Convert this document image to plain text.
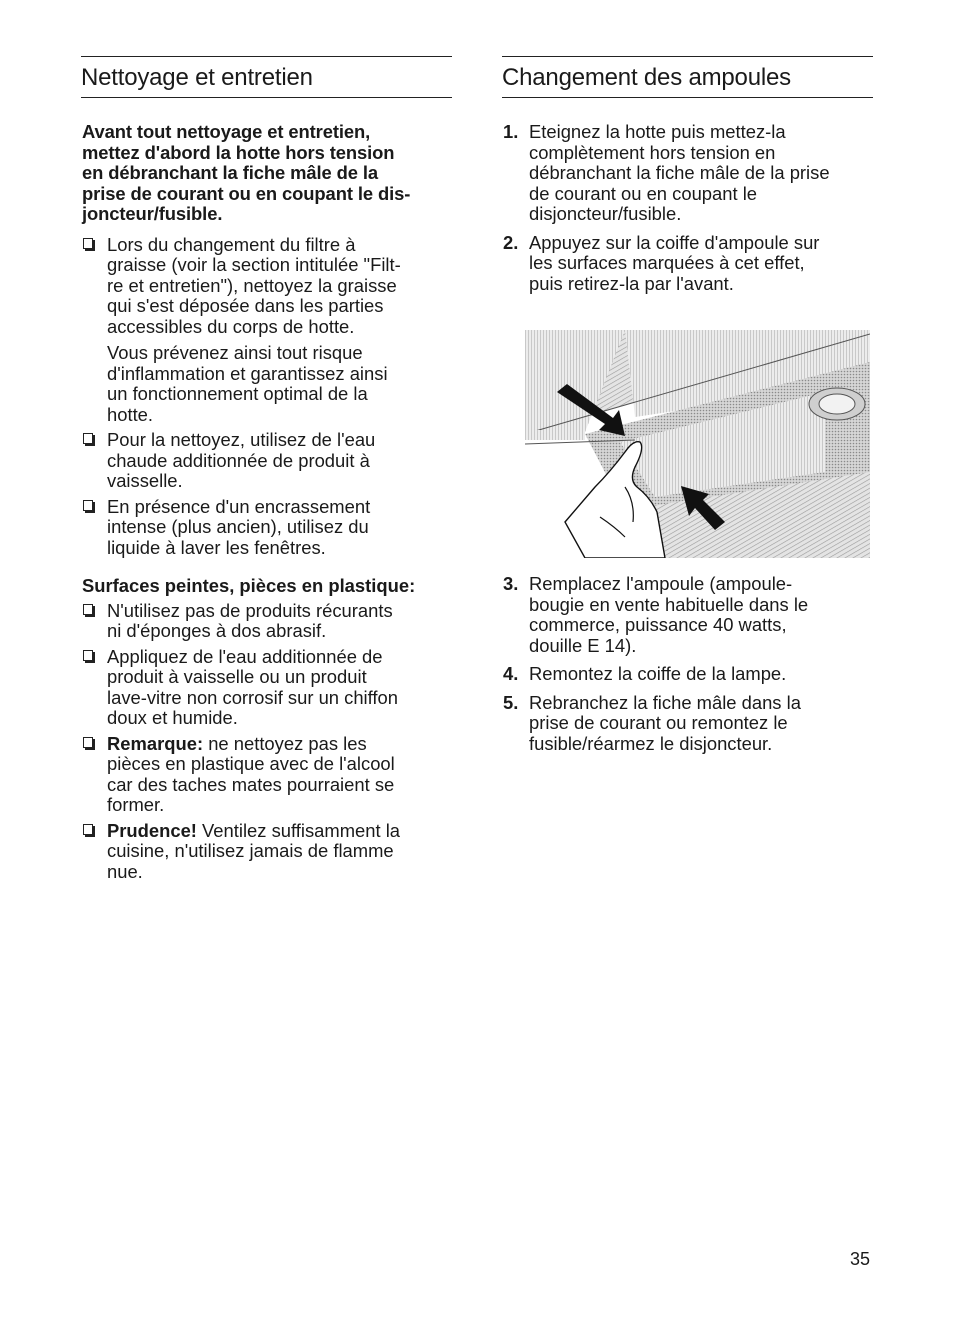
Nettoyage et entretien
Avant tout nettoyage et entretien,
mettez d'abord la hotte hors tension
en débranchant la fiche mâle de la
prise de courant ou en coupant le dis-
joncteur/fusible.
Lors du changement du filtre à
graisse (voir la section intitulée "Filt-
re et entretien"), nettoyez la graisse
qui s'est déposée dans les parties
accessibles du corps de hotte.
Vous prévenez ainsi tout risque
d'inflammation et garantissez ainsi
un fonctionnement optimal de la
hotte.
Pour la nettoyez, utilisez de l'eau
chaude additionnée de produit à
vaisselle.
En présence d'un encrassement
intense (plus ancien), utilisez du
liquide à laver les fenêtres.
Surfaces peintes, pièces en plastique:
N'utilisez pas de produits récurants
ni d'éponges à dos abrasif.
Appliquez de l'eau additionnée de
produit à vaisselle ou un produit
lave-vitre non corrosif sur un chiffon
doux et humide.
Remarque: ne nettoyez pas les
pièces en plastique avec de l'alcool
car des taches mates pourraient se
former.
Prudence! Ventilez suffisamment la
cuisine, n'utilisez jamais de flamme
nue.
Changement des ampoules
1. Eteignez la hotte puis mettez-la
complètement hors tension en
débranchant la fiche mâle de la prise
de courant ou en coupant le
disjoncteur/fusible.
2. Appuyez sur la coiffe d'ampoule sur
les surfaces marquées à cet effet,
puis retirez-la par l'avant.
3. Remplacez l'ampoule (ampoule-
bougie en vente habituelle dans le
commerce, puissance 40 watts,
douille E 14).
4. Remontez la coiffe de la lampe.
5. Rebranchez la fiche mâle dans la
prise de courant ou remontez le
fusible/réarmez le disjoncteur.
35
